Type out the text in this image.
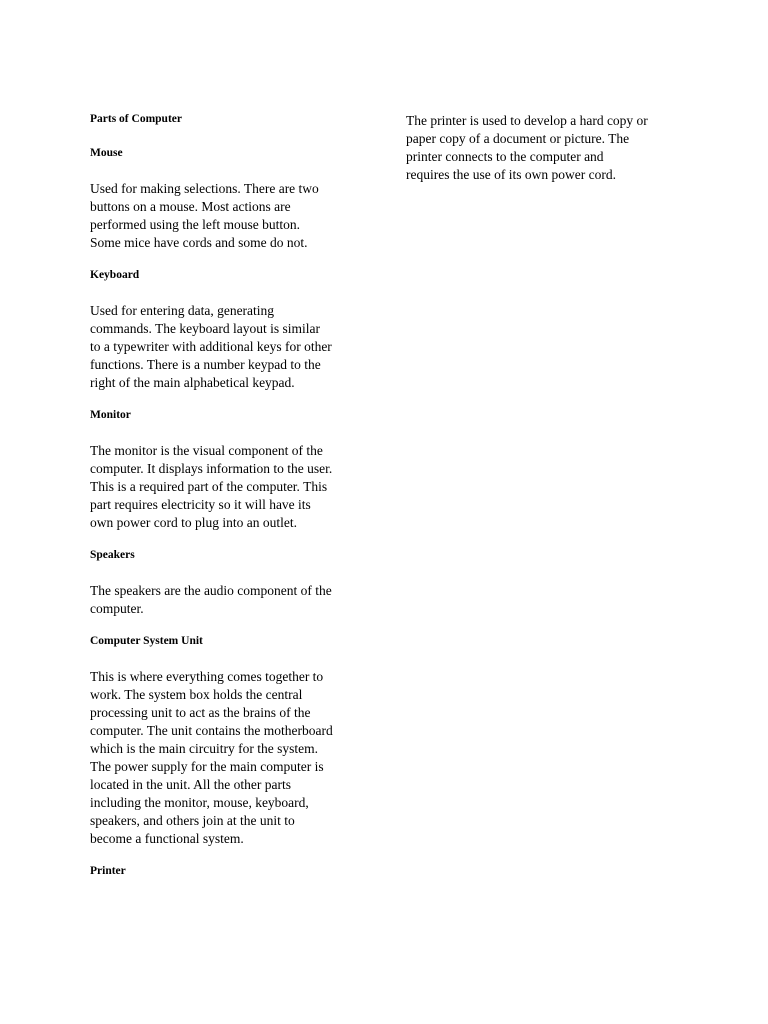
Parts of Computer

Mouse

Used for making selections. There are two
buttons on a mouse. Most actions are
performed using the left mouse button.
Some mice have cords and some do not.

Keyboard

Used for entering data, generating
commands. The keyboard layout is similar
to a typewriter with additional keys for other
functions. There is a number keypad to the
right of the main alphabetical keypad.

Monitor

The monitor is the visual component of the
computer. It displays information to the user.
This is a required part of the computer. This
part requires electricity so it will have its
own power cord to plug into an outlet.

Speakers

The speakers are the audio component of the
computer.

Computer System Unit

This is where everything comes together to
work. The system box holds the central
processing unit to act as the brains of the
computer. The unit contains the motherboard
which is the main circuitry for the system.
The power supply for the main computer is
located in the unit. All the other parts
including the monitor, mouse, keyboard,
speakers, and others join at the unit to
become a functional system.

Printer

The printer is used to develop a hard copy or
paper copy of a document or picture. The
printer connects to the computer and
requires the use of its own power cord.
